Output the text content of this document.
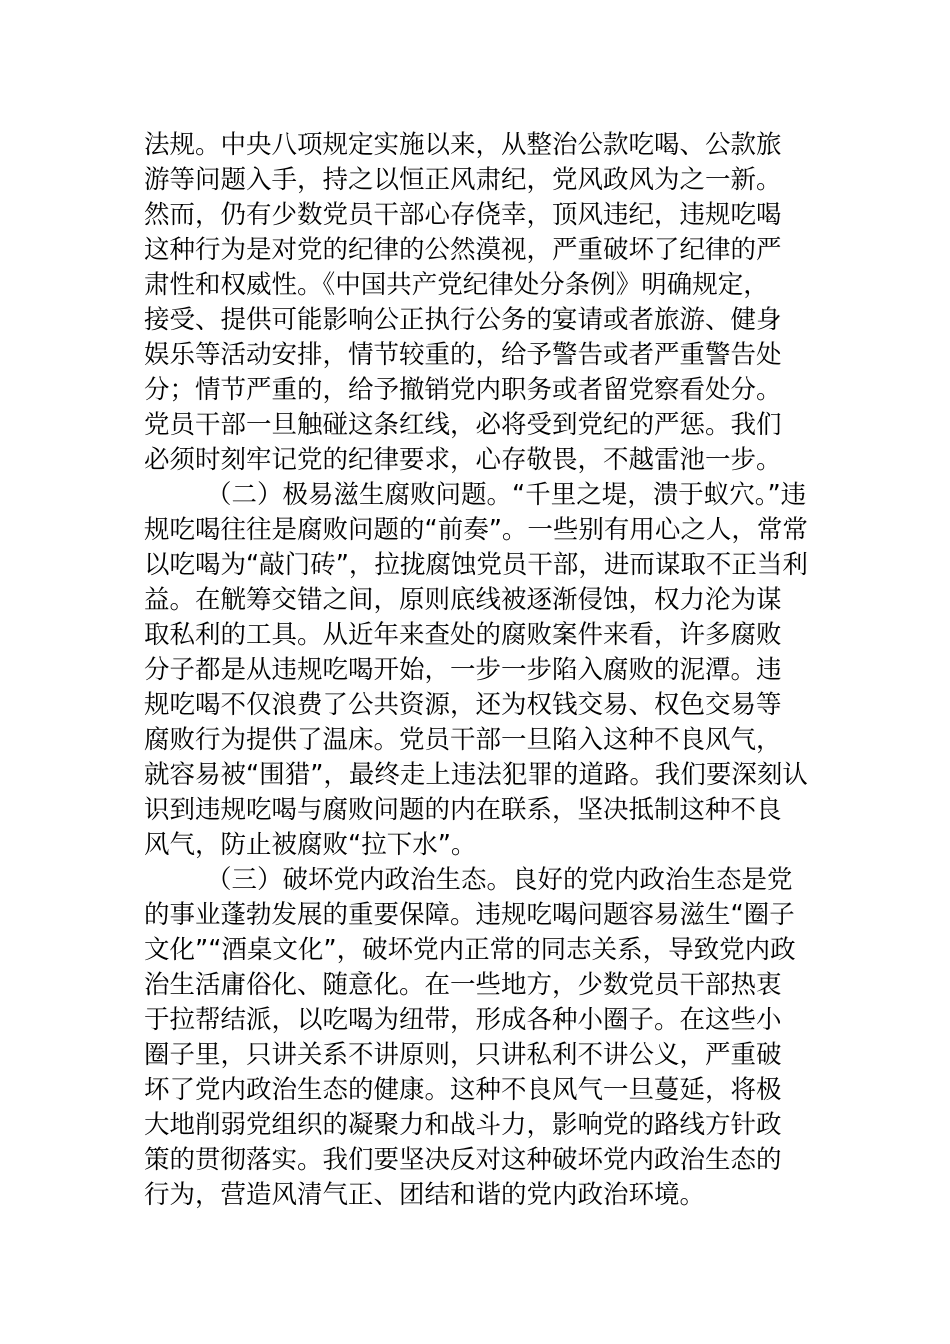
法规。中央八项规定实施以来，从整治公款吃喝、公款旅
游等问题入手，持之以恒正风肃纪，党风政风为之一新。
然而，仍有少数党员干部心存侥幸，顶风违纪，违规吃喝
这种行为是对党的纪律的公然漠视，严重破坏了纪律的严
肃性和权威性。《中国共产党纪律处分条例》明确规定，
接受、提供可能影响公正执行公务的宴请或者旅游、健身
娱乐等活动安排，情节较重的，给予警告或者严重警告处
分；情节严重的，给予撤销党内职务或者留党察看处分。
党员干部一旦触碰这条红线，必将受到党纪的严惩。我们
必须时刻牢记党的纪律要求，心存敬畏，不越雷池一步。
（二）极易滋生腐败问题。“千里之堤，溃于蚁穴。”违
规吃喝往往是腐败问题的“前奏”。一些别有用心之人，常常
以吃喝为“敲门砖”，拉拢腐蚀党员干部，进而谋取不正当利
益。在觥筹交错之间，原则底线被逐渐侵蚀，权力沦为谋
取私利的工具。从近年来查处的腐败案件来看，许多腐败
分子都是从违规吃喝开始，一步一步陷入腐败的泥潭。违
规吃喝不仅浪费了公共资源，还为权钱交易、权色交易等
腐败行为提供了温床。党员干部一旦陷入这种不良风气，
就容易被“围猎”，最终走上违法犯罪的道路。我们要深刻认
识到违规吃喝与腐败问题的内在联系，坚决抵制这种不良
风气，防止被腐败“拉下水”。
（三）破坏党内政治生态。良好的党内政治生态是党
的事业蓬勃发展的重要保障。违规吃喝问题容易滋生“圈子
文化”“酒桌文化”，破坏党内正常的同志关系，导致党内政
治生活庸俗化、随意化。在一些地方，少数党员干部热衷
于拉帮结派，以吃喝为纽带，形成各种小圈子。在这些小
圈子里，只讲关系不讲原则，只讲私利不讲公义，严重破
坏了党内政治生态的健康。这种不良风气一旦蔓延，将极
大地削弱党组织的凝聚力和战斗力，影响党的路线方针政
策的贯彻落实。我们要坚决反对这种破坏党内政治生态的
行为，营造风清气正、团结和谐的党内政治环境。
